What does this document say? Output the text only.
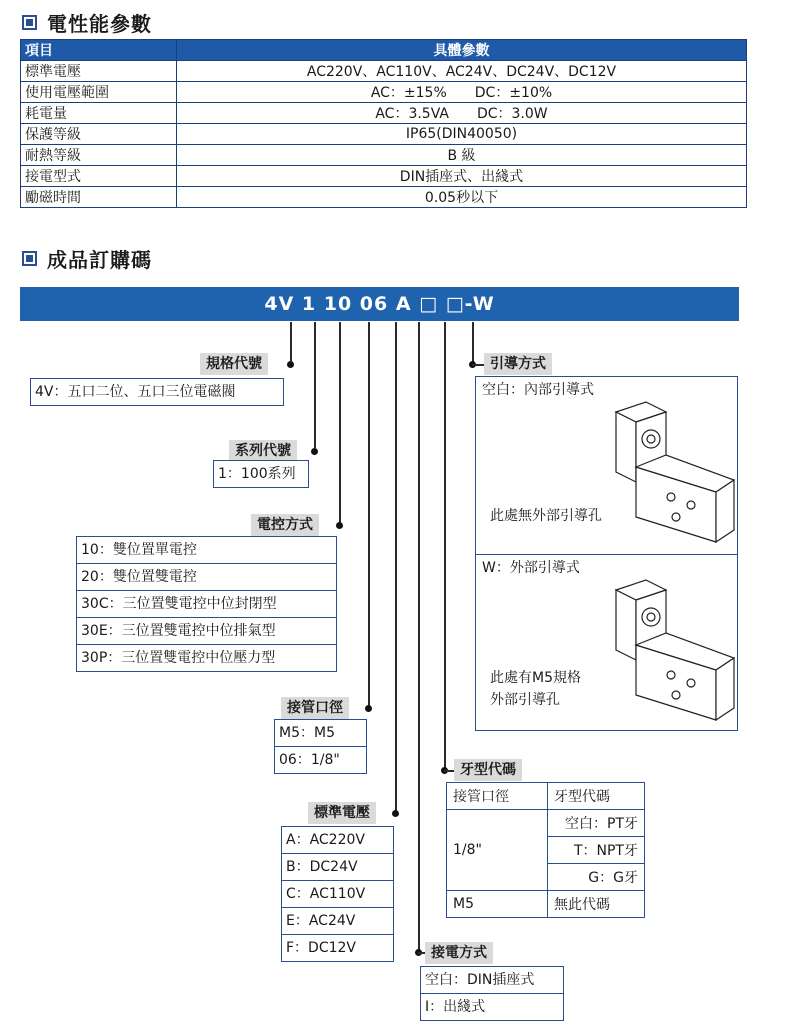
電性能參數
項目	具體參數
標準電壓	AC220V、AC110V、AC24V、DC24V、DC12V
使用電壓範圍	AC：±15%　　DC：±10%
耗電量	AC：3.5VA　　DC：3.0W
保護等級	IP65(DIN40050)
耐熱等級	B 級
接電型式	DIN插座式、出綫式
勵磁時間	0.05秒以下
成品訂購碼
4V 1 10 06 A □ □-W
規格代號
4V：五口二位、五口三位電磁閥
系列代號
1：100系列
電控方式
10：雙位置單電控
20：雙位置雙電控
30C：三位置雙電控中位封閉型
30E：三位置雙電控中位排氣型
30P：三位置雙電控中位壓力型
接管口徑
M5：M5
06：1/8"
標準電壓
A：AC220V
B：DC24V
C：AC110V
E：AC24V
F：DC12V	接電方式
空白：DIN插座式
I：出綫式
牙型代碼
接管口徑	牙型代碼
1/8"	空白：PT牙
	T：NPT牙
	G：G牙
M5	無此代碼
引導方式
空白：內部引導式
此處無外部引導孔
W：外部引導式
此處有M5規格
外部引導孔
